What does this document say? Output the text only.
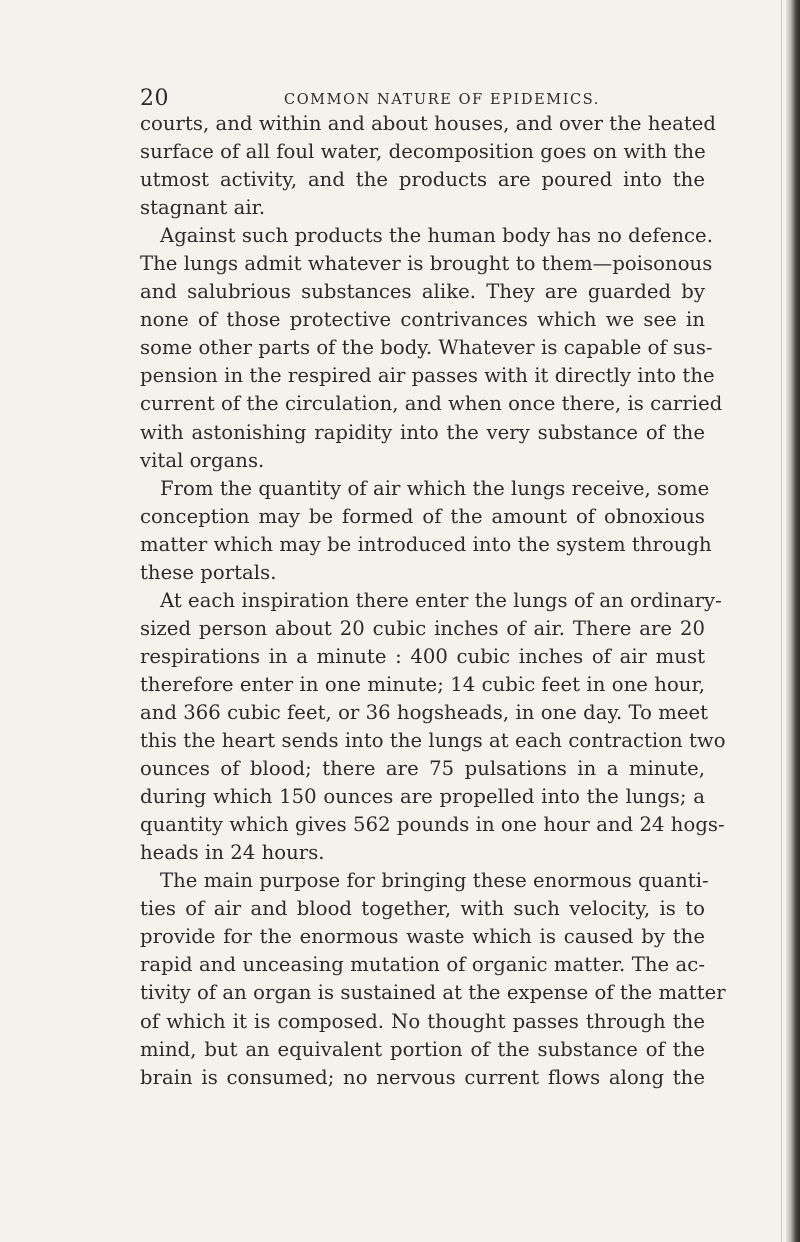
20	COMMON NATURE OF EPIDEMICS.
courts, and within and about houses, and over the heated
surface of all foul water, decomposition goes on with the
utmost activity, and the products are poured into the
stagnant air.
Against such products the human body has no defence.
The lungs admit whatever is brought to them—poisonous
and salubrious substances alike. They are guarded by
none of those protective contrivances which we see in
some other parts of the body. Whatever is capable of sus-
pension in the respired air passes with it directly into the
current of the circulation, and when once there, is carried
with astonishing rapidity into the very substance of the
vital organs.
From the quantity of air which the lungs receive, some
conception may be formed of the amount of obnoxious
matter which may be introduced into the system through
these portals.
At each inspiration there enter the lungs of an ordinary-
sized person about 20 cubic inches of air. There are 20
respirations in a minute : 400 cubic inches of air must
therefore enter in one minute; 14 cubic feet in one hour,
and 366 cubic feet, or 36 hogsheads, in one day. To meet
this the heart sends into the lungs at each contraction two
ounces of blood; there are 75 pulsations in a minute,
during which 150 ounces are propelled into the lungs; a
quantity which gives 562 pounds in one hour and 24 hogs-
heads in 24 hours.
The main purpose for bringing these enormous quanti-
ties of air and blood together, with such velocity, is to
provide for the enormous waste which is caused by the
rapid and unceasing mutation of organic matter. The ac-
tivity of an organ is sustained at the expense of the matter
of which it is composed. No thought passes through the
mind, but an equivalent portion of the substance of the
brain is consumed; no nervous current flows along the
